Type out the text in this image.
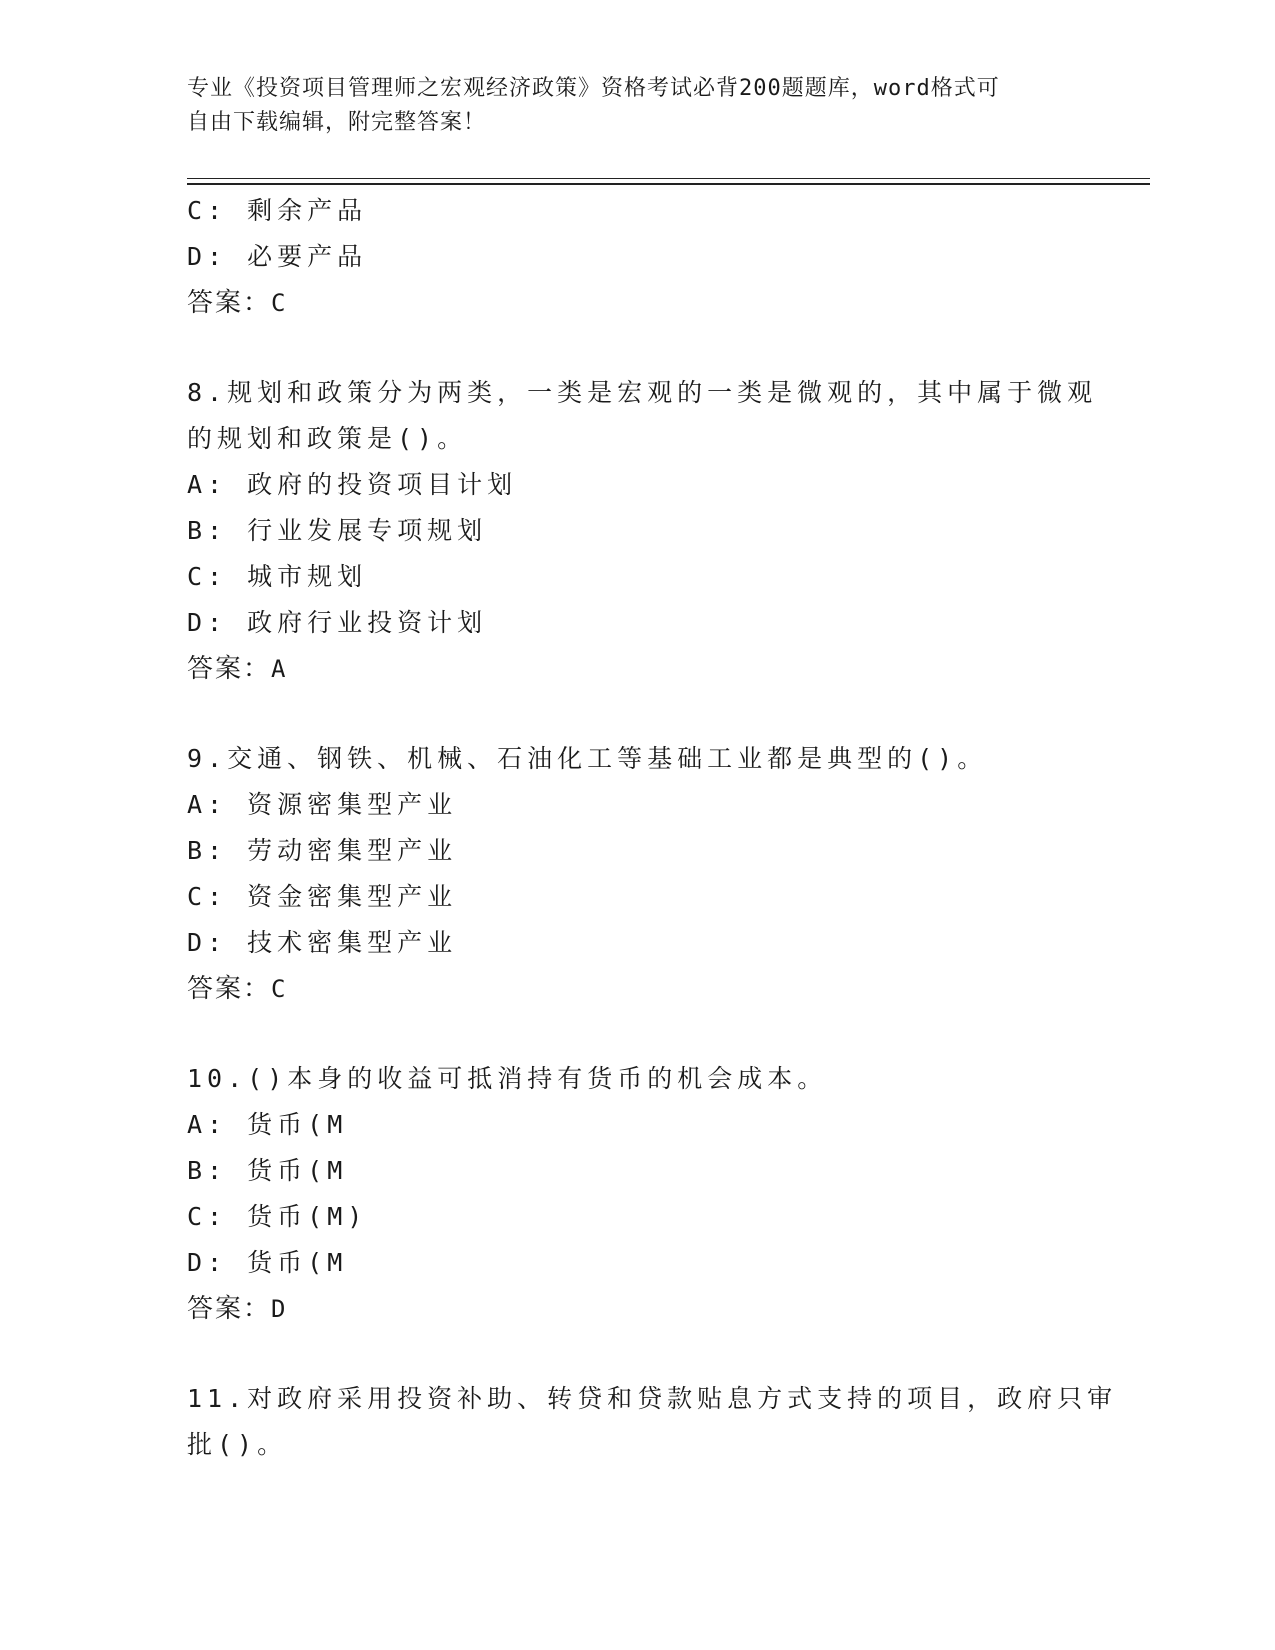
专业《投资项目管理师之宏观经济政策》资格考试必背200题题库，word格式可
自由下载编辑，附完整答案！
C: 剩余产品
D: 必要产品
答案：C
8.规划和政策分为两类，一类是宏观的一类是微观的，其中属于微观
的规划和政策是()。
A: 政府的投资项目计划
B: 行业发展专项规划
C: 城市规划
D: 政府行业投资计划
答案：A
9.交通、钢铁、机械、石油化工等基础工业都是典型的()。
A: 资源密集型产业
B: 劳动密集型产业
C: 资金密集型产业
D: 技术密集型产业
答案：C
10.()本身的收益可抵消持有货币的机会成本。
A: 货币(M
B: 货币(M
C: 货币(M)
D: 货币(M
答案：D
11.对政府采用投资补助、转贷和贷款贴息方式支持的项目，政府只审
批()。
